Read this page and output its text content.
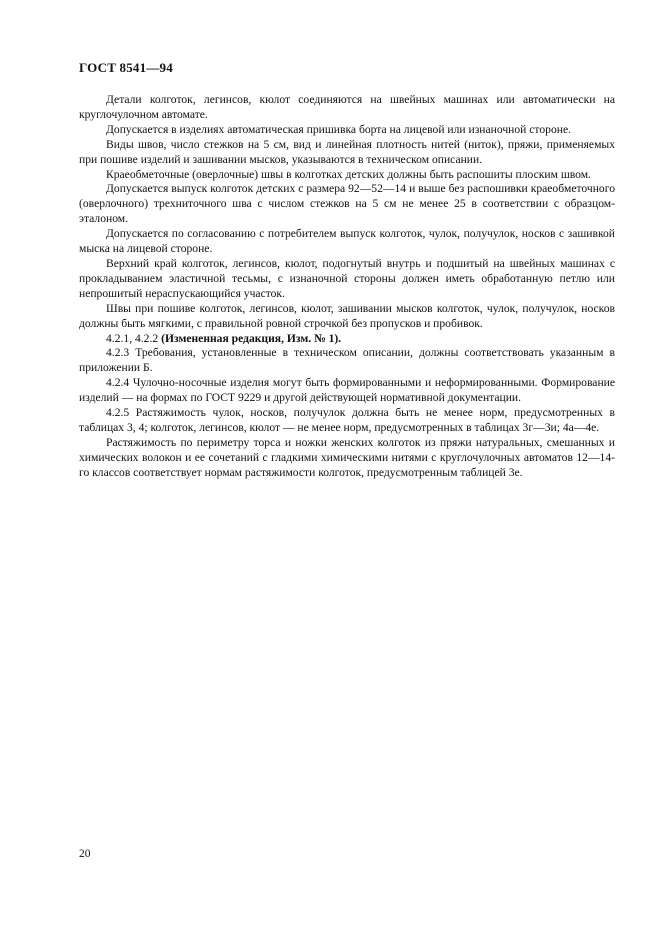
ГОСТ 8541—94

Детали колготок, легинсов, кюлот соединяются на швейных машинах или автоматически на круглочулочном автомате.

Допускается в изделиях автоматическая пришивка борта на лицевой или изнаночной стороне.

Виды швов, число стежков на 5 см, вид и линейная плотность нитей (ниток), пряжи, применяемых при пошиве изделий и зашивании мысков, указываются в техническом описании.

Краеобметочные (оверлочные) швы в колготках детских должны быть распошиты плоским швом.

Допускается выпуск колготок детских с размера 92—52—14 и выше без распошивки краеобметочного (оверлочного) трехниточного шва с числом стежков на 5 см не менее 25 в соответствии с образцом-эталоном.

Допускается по согласованию с потребителем выпуск колготок, чулок, получулок, носков с зашивкой мыска на лицевой стороне.

Верхний край колготок, легинсов, кюлот, подогнутый внутрь и подшитый на швейных машинах с прокладыванием эластичной тесьмы, с изнаночной стороны должен иметь обработанную петлю или непрошитый нераспускающийся участок.

Швы при пошиве колготок, легинсов, кюлот, зашивании мысков колготок, чулок, получулок, носков должны быть мягкими, с правильной ровной строчкой без пропусков и пробивок.

4.2.1, 4.2.2 (Измененная редакция, Изм. № 1).

4.2.3 Требования, установленные в техническом описании, должны соответствовать указанным в приложении Б.

4.2.4 Чулочно-носочные изделия могут быть формированными и неформированными. Формирование изделий — на формах по ГОСТ 9229 и другой действующей нормативной документации.

4.2.5 Растяжимость чулок, носков, получулок должна быть не менее норм, предусмотренных в таблицах 3, 4; колготок, легинсов, кюлот — не менее норм, предусмотренных в таблицах 3г—3и; 4а—4е.

Растяжимость по периметру торса и ножки женских колготок из пряжи натуральных, смешанных и химических волокон и ее сочетаний с гладкими химическими нитями с круглочулочных автоматов 12—14-го классов соответствует нормам растяжимости колготок, предусмотренным таблицей 3е.

20
